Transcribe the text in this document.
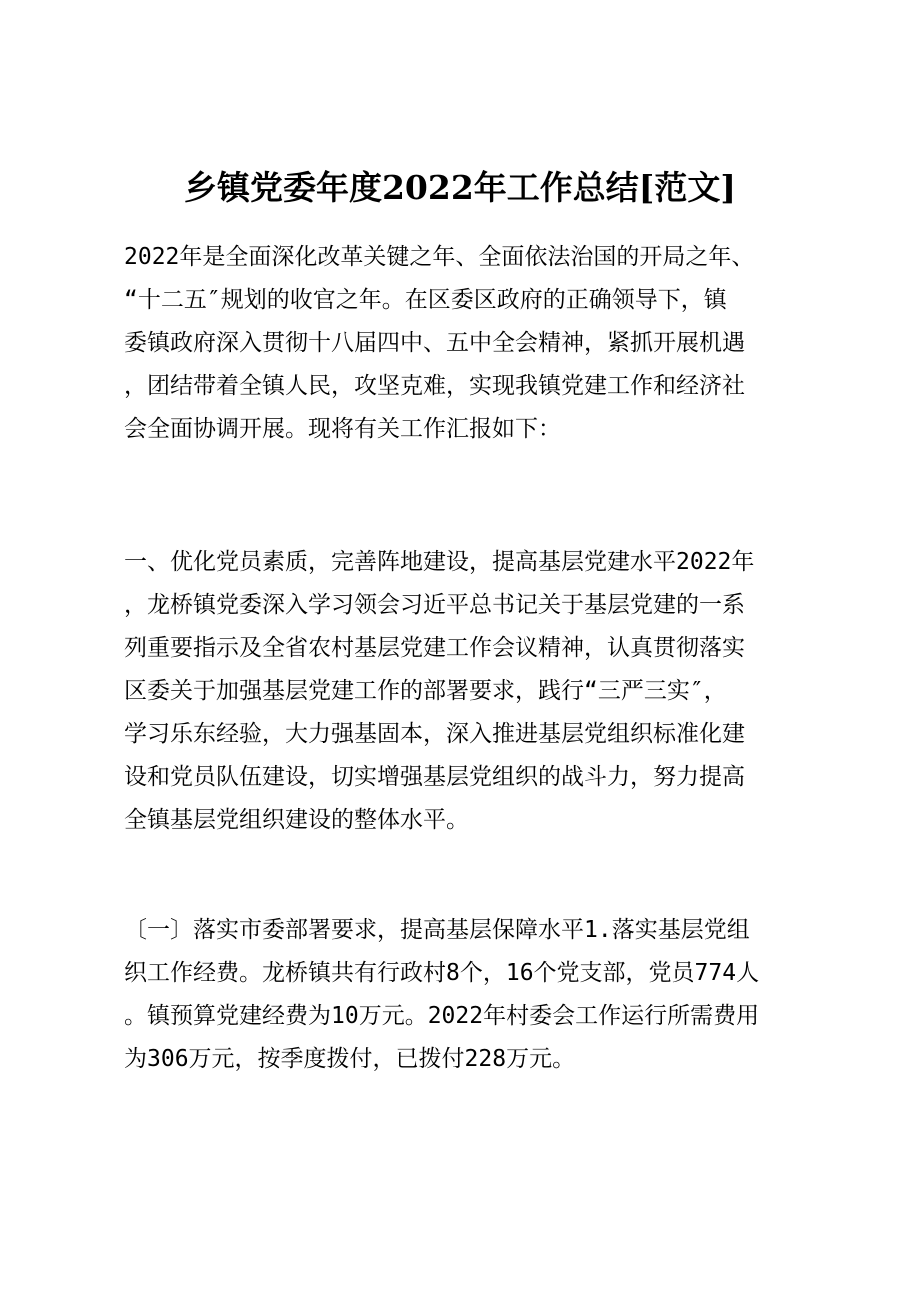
乡镇党委年度2022年工作总结[范文]
2022年是全面深化改革关键之年、全面依法治国的开局之年、
“十二五″规划的收官之年。在区委区政府的正确领导下，镇
委镇政府深入贯彻十八届四中、五中全会精神，紧抓开展机遇
，团结带着全镇人民，攻坚克难，实现我镇党建工作和经济社
会全面协调开展。现将有关工作汇报如下：
一、优化党员素质，完善阵地建设，提高基层党建水平2022年
，龙桥镇党委深入学习领会习近平总书记关于基层党建的一系
列重要指示及全省农村基层党建工作会议精神，认真贯彻落实
区委关于加强基层党建工作的部署要求，践行“三严三实″，
学习乐东经验，大力强基固本，深入推进基层党组织标准化建
设和党员队伍建设，切实增强基层党组织的战斗力，努力提高
全镇基层党组织建设的整体水平。
〔一〕落实市委部署要求，提高基层保障水平1.落实基层党组
织工作经费。龙桥镇共有行政村8个，16个党支部，党员774人
。镇预算党建经费为10万元。2022年村委会工作运行所需费用
为306万元，按季度拨付，已拨付228万元。
